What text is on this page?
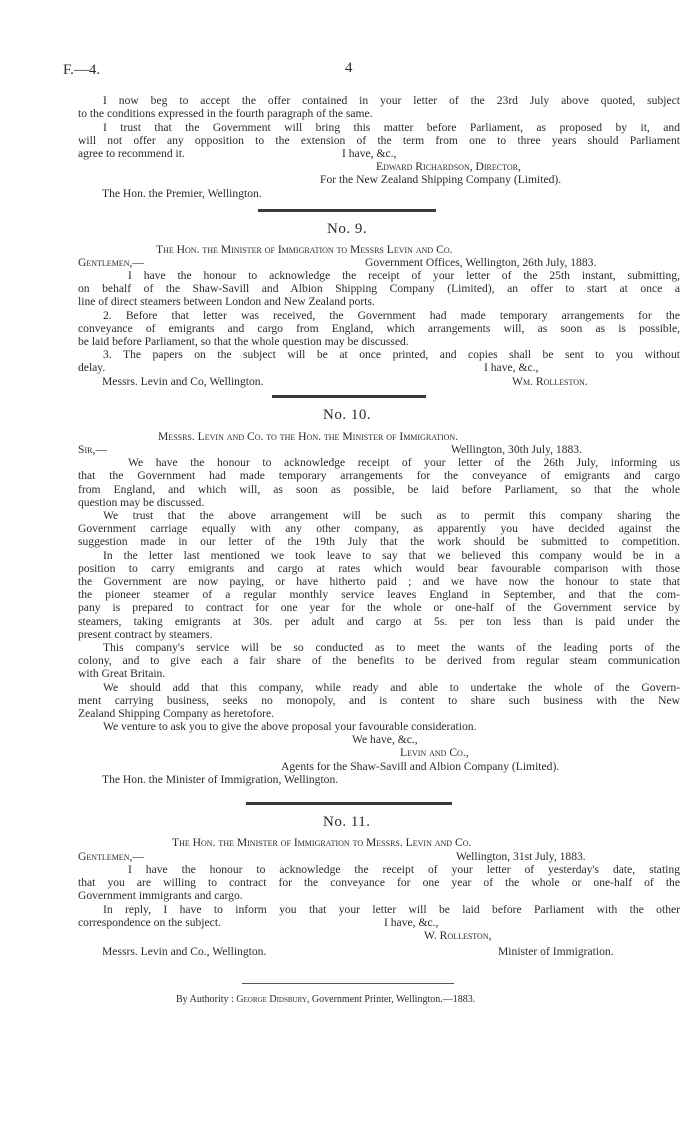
F.—4.	4
I now beg to accept the offer contained in your letter of the 23rd July above quoted, subject
to the conditions expressed in the fourth paragraph of the same.
I trust that the Government will bring this matter before Parliament, as proposed by it, and
will not offer any opposition to the extension of the term from one to three years should Parliament
agree to recommend it.	I have, &c.,
Edward Richardson, Director,
For the New Zealand Shipping Company (Limited).
The Hon. the Premier, Wellington.
No. 9.
The Hon. the Minister of Immigration to Messrs Levin and Co.
Gentlemen,—	Government Offices, Wellington, 26th July, 1883.
I have the honour to acknowledge the receipt of your letter of the 25th instant, submitting,
on behalf of the Shaw-Savill and Albion Shipping Company (Limited), an offer to start at once a
line of direct steamers between London and New Zealand ports.
2. Before that letter was received, the Government had made temporary arrangements for the
conveyance of emigrants and cargo from England, which arrangements will, as soon as is possible,
be laid before Parliament, so that the whole question may be discussed.
3. The papers on the subject will be at once printed, and copies shall be sent to you without
delay.	I have, &c.,
Messrs. Levin and Co, Wellington.	Wm. Rolleston.
No. 10.
Messrs. Levin and Co. to the Hon. the Minister of Immigration.
Sir,—	Wellington, 30th July, 1883.
We have the honour to acknowledge receipt of your letter of the 26th July, informing us
that the Government had made temporary arrangements for the conveyance of emigrants and cargo
from England, and which will, as soon as possible, be laid before Parliament, so that the whole
question may be discussed.
We trust that the above arrangement will be such as to permit this company sharing the
Government carriage equally with any other company, as apparently you have decided against the
suggestion made in our letter of the 19th July that the work should be submitted to competition.
In the letter last mentioned we took leave to say that we believed this company would be in a
position to carry emigrants and cargo at rates which would bear favourable comparison with those
the Government are now paying, or have hitherto paid ; and we have now the honour to state that
the pioneer steamer of a regular monthly service leaves England in September, and that the com-
pany is prepared to contract for one year for the whole or one-half of the Government service by
steamers, taking emigrants at 30s. per adult and cargo at 5s. per ton less than is paid under the
present contract by steamers.
This company's service will be so conducted as to meet the wants of the leading ports of the
colony, and to give each a fair share of the benefits to be derived from regular steam communication
with Great Britain.
We should add that this company, while ready and able to undertake the whole of the Govern-
ment carrying business, seeks no monopoly, and is content to share such business with the New
Zealand Shipping Company as heretofore.
We venture to ask you to give the above proposal your favourable consideration.
We have, &c.,
Levin and Co.,
Agents for the Shaw-Savill and Albion Company (Limited).
The Hon. the Minister of Immigration, Wellington.
No. 11.
The Hon. the Minister of Immigration to Messrs. Levin and Co.
Gentlemen,—	Wellington, 31st July, 1883.
I have the honour to acknowledge the receipt of your letter of yesterday's date, stating
that you are willing to contract for the conveyance for one year of the whole or one-half of the
Government immigrants and cargo.
In reply, I have to inform you that your letter will be laid before Parliament with the other
correspondence on the subject.	I have, &c.,
W. Rolleston,
Messrs. Levin and Co., Wellington.	Minister of Immigration.
By Authority : George Didsbury, Government Printer, Wellington.—1883.
